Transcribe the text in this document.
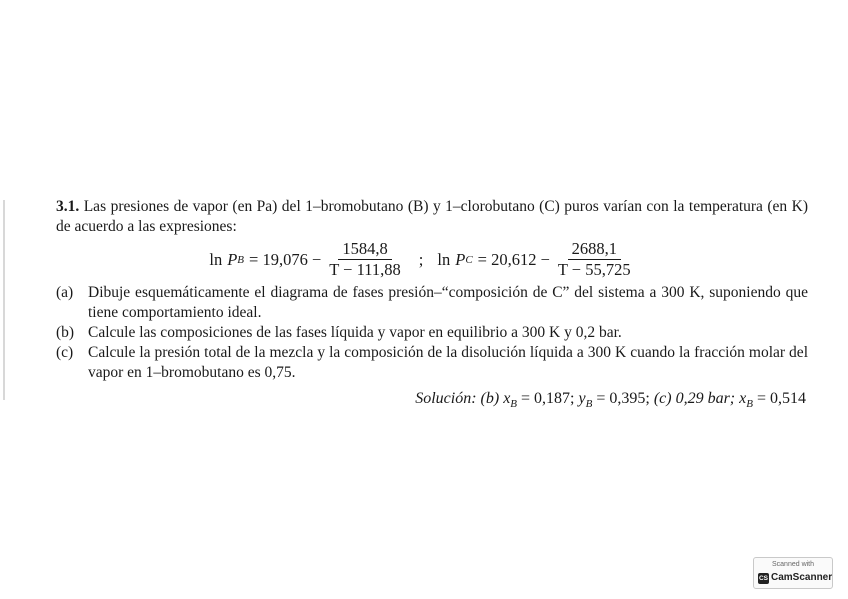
3.1. Las presiones de vapor (en Pa) del 1–bromobutano (B) y 1–clorobutano (C) puros varían con la temperatura (en K) de acuerdo a las expresiones:

ln P $B = 19,076 - \frac{1584,8}{T - 111,88}$ ; ln P $C = 20,612 - \frac{2688,1}{T - 55,725}$
(a) Dibuje esquemáticamente el diagrama de fases presión–“composición de C” del sistema a 300 K, suponiendo que tiene comportamiento ideal.
(b) Calcule las composiciones de las fases líquida y vapor en equilibrio a 300 K y 0,2 bar.
(c) Calcule la presión total de la mezcla y la composición de la disolución líquida a 300 K cuando la fracción molar del vapor en 1–bromobutano es 0,75.
Solución: (b) $x_B = 0,187$; $y_B = 0,395$; (c) 0,29 bar; $x_B = 0,514$
Scanned with
CS CamScanner
